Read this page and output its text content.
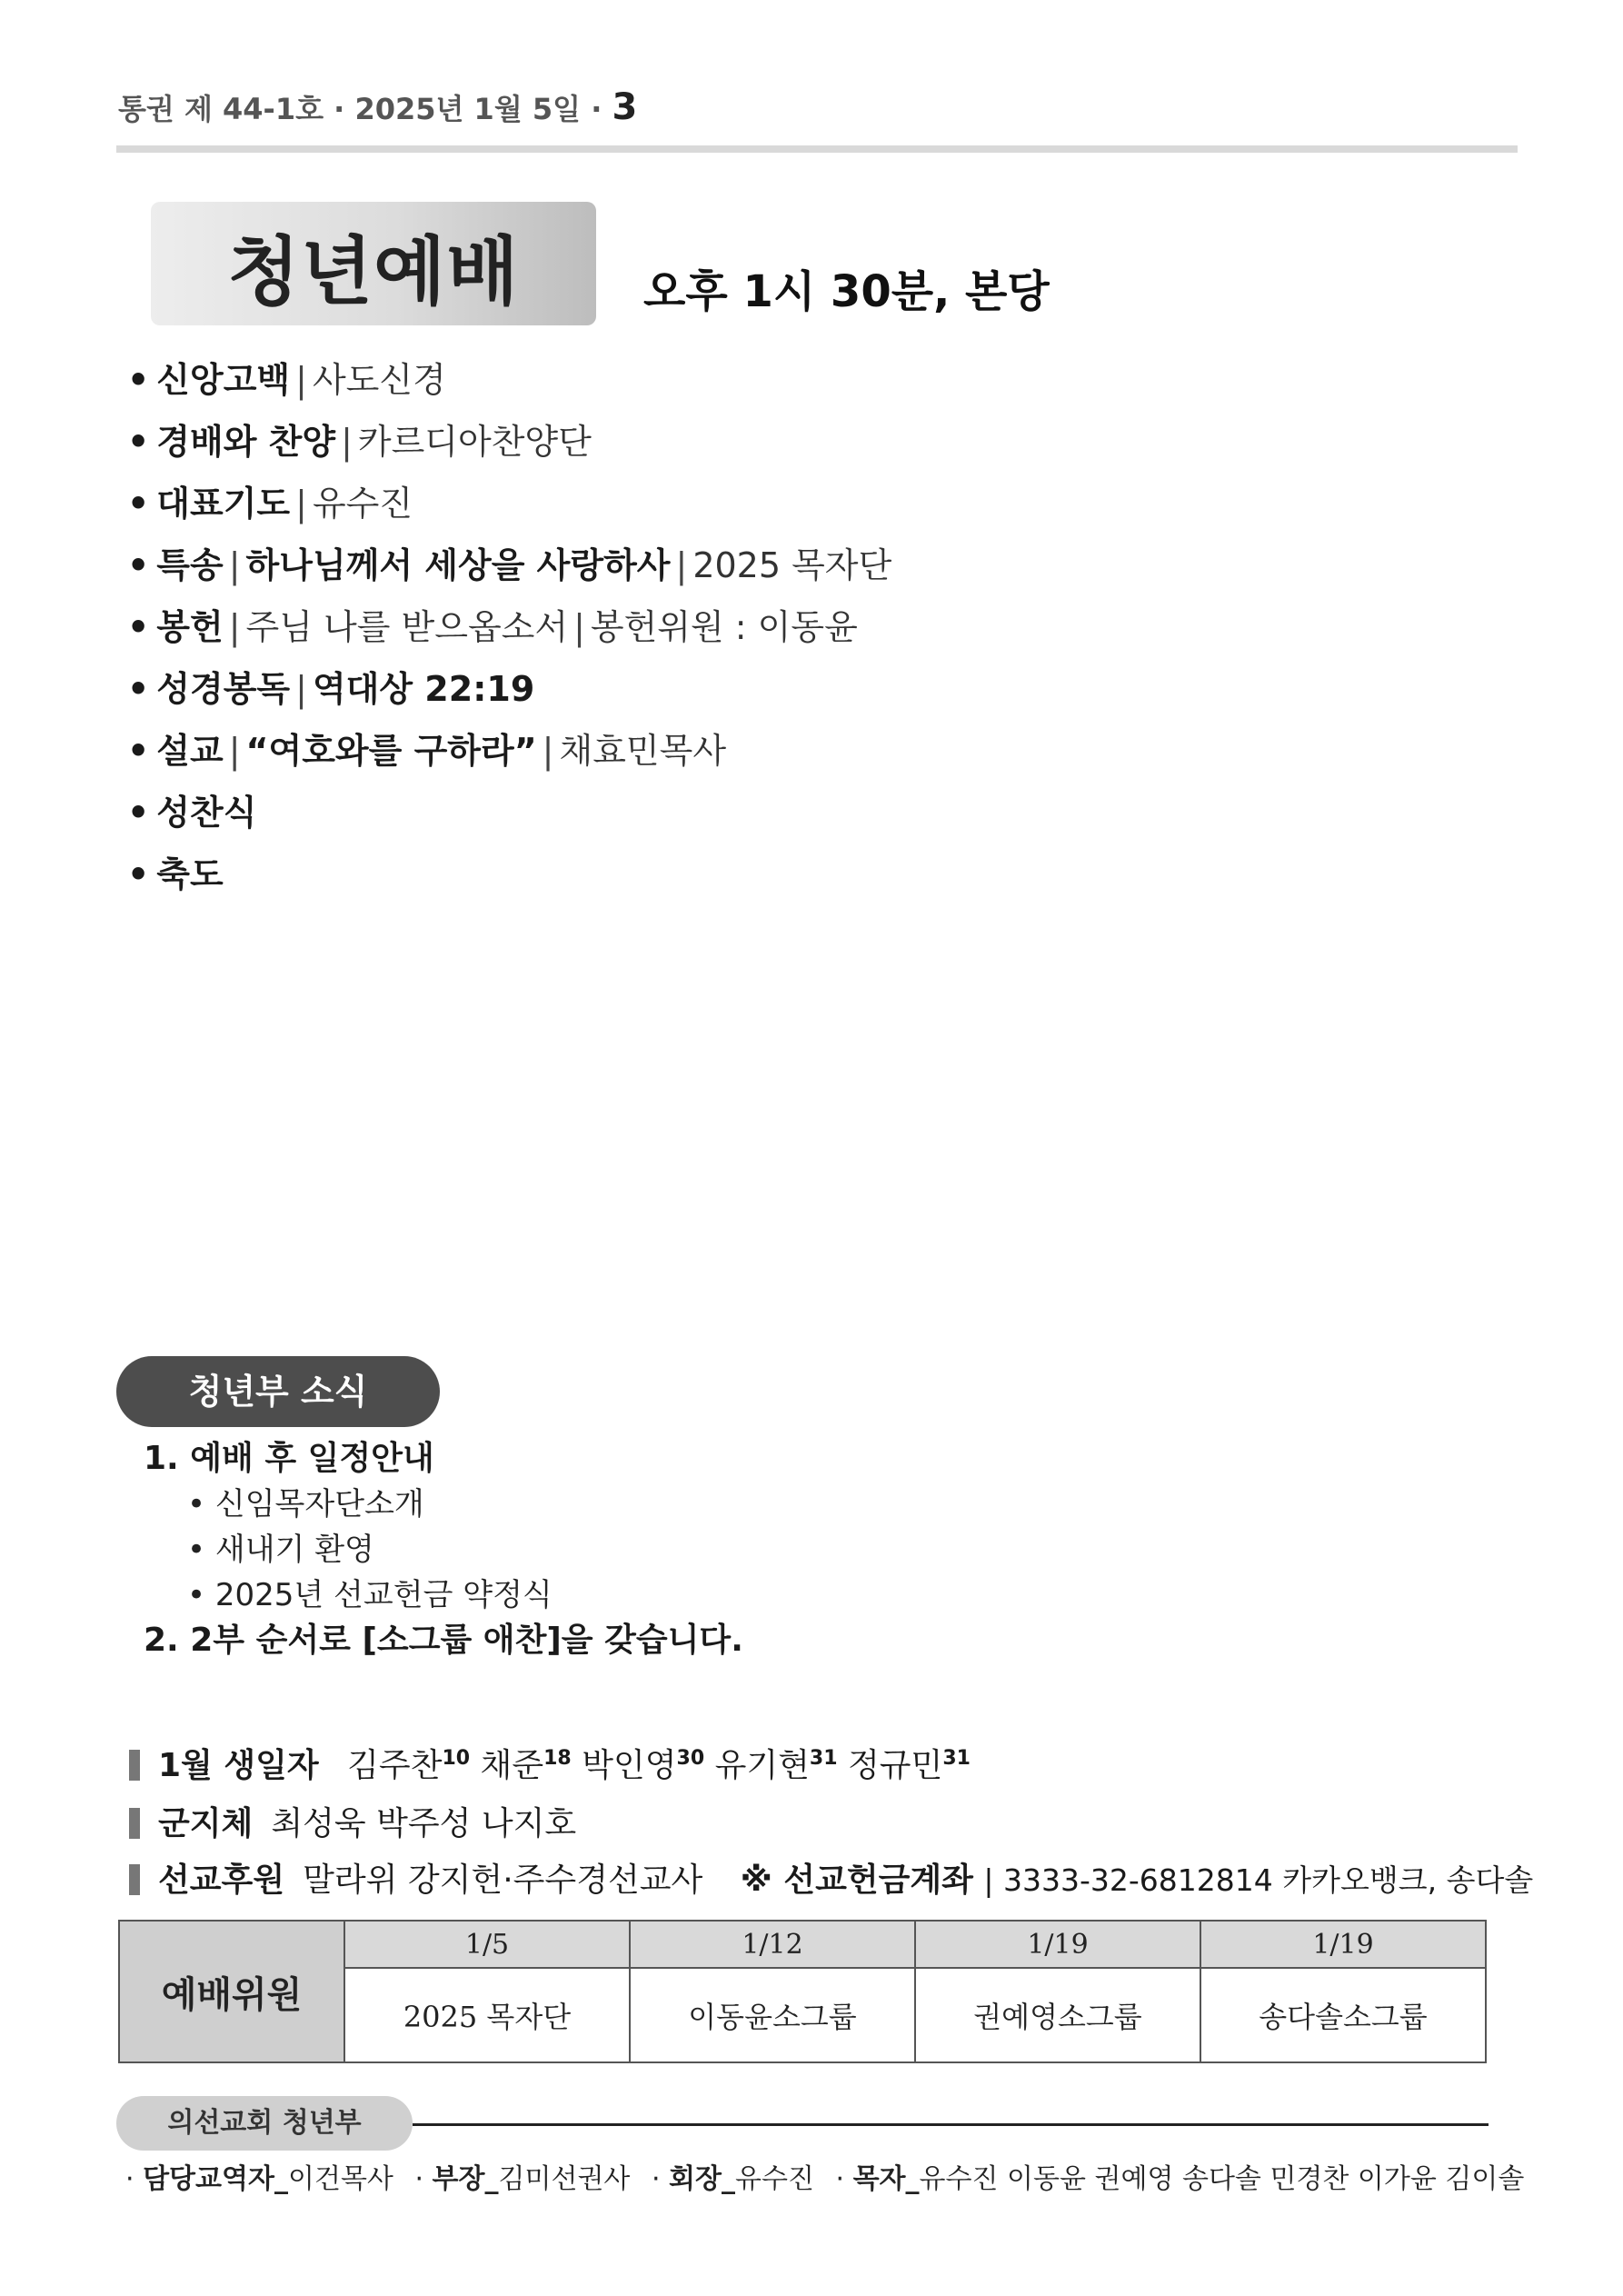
통권 제 44-1호 · 2025년 1월 5일 · 3
청년예배	오후 1시 30분, 본당
• 신앙고백 | 사도신경
• 경배와 찬양 | 카르디아찬양단
• 대표기도 | 유수진
• 특송 | 하나님께서 세상을 사랑하사 | 2025 목자단
• 봉헌 | 주님 나를 받으옵소서 | 봉헌위원 : 이동윤
• 성경봉독 | 역대상 22:19
• 설교 | “여호와를 구하라” | 채효민목사
• 성찬식
• 축도
청년부 소식
1. 예배 후 일정안내
• 신임목자단소개
• 새내기 환영
• 2025년 선교헌금 약정식
2. 2부 순서로 [소그룹 애찬]을 갖습니다.
1월 생일자 김주찬$^{10}$ 채준$^{18}$ 박인영$^{30}$ 유기현$^{31}$ 정규민$^{31}$
군지체 최성욱 박주성 나지호
선교후원 말라위 강지헌·주수경선교사 ※ 선교헌금계좌 | 3333-32-6812814 카카오뱅크, 송다솔
예배위원	1/5	1/12	1/19	1/19
	2025 목자단	이동윤소그룹	권예영소그룹	송다솔소그룹
의선교회 청년부
· 담당교역자_이건목사 · 부장_김미선권사 · 회장_유수진 · 목자_유수진 이동윤 권예영 송다솔 민경찬 이가윤 김이솔
